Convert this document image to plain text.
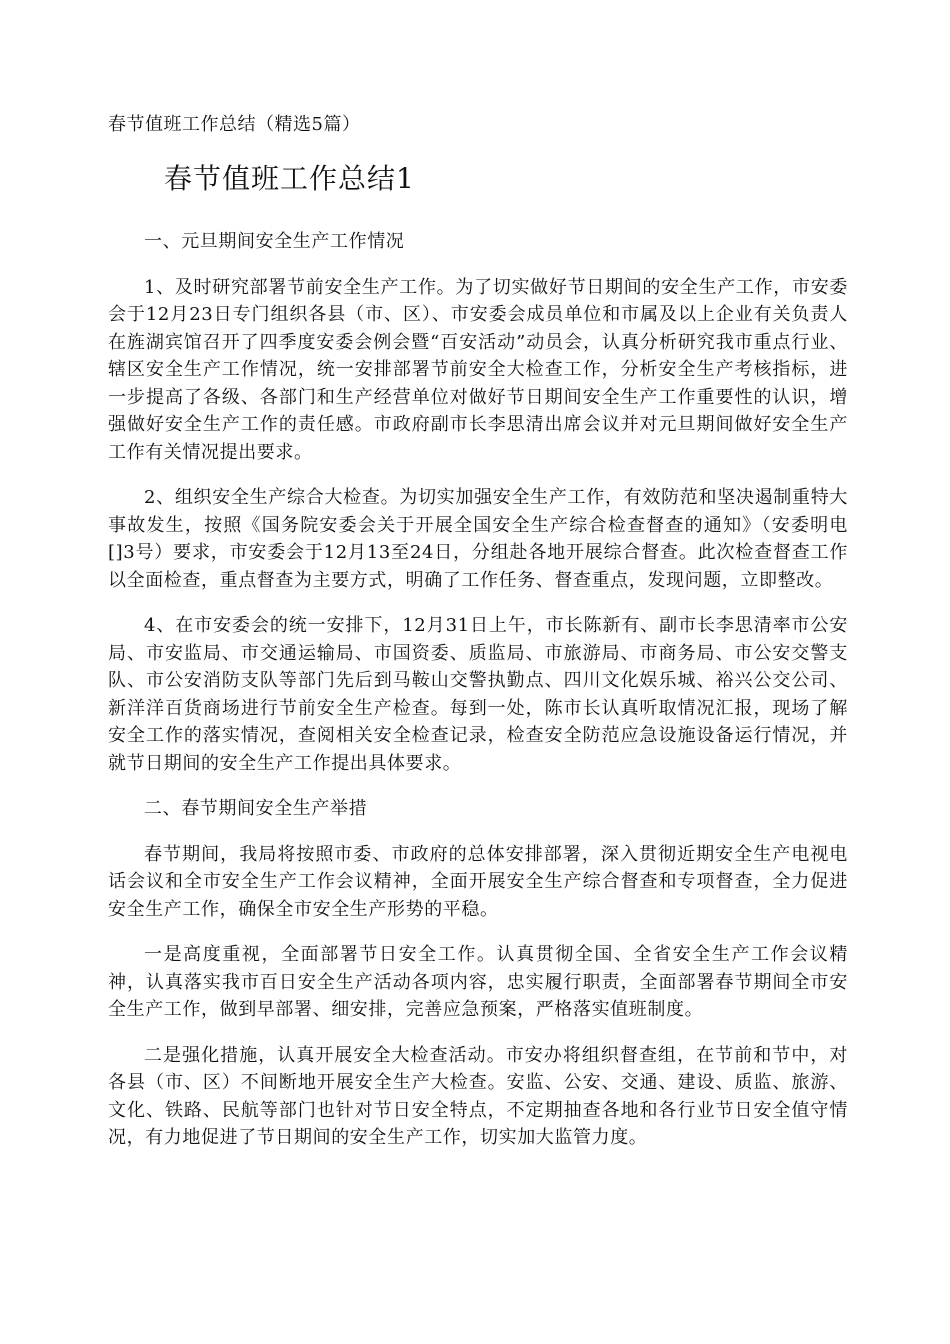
春节值班工作总结（精选5篇）
春节值班工作总结1
一、元旦期间安全生产工作情况

1、及时研究部署节前安全生产工作。为了切实做好节日期间的安全生产工作，市安委会于12月23日专门组织各县（市、区）、市安委会成员单位和市属及以上企业有关负责人在旌湖宾馆召开了四季度安委会例会暨“百安活动”动员会，认真分析研究我市重点行业、辖区安全生产工作情况，统一安排部署节前安全大检查工作，分析安全生产考核指标，进一步提高了各级、各部门和生产经营单位对做好节日期间安全生产工作重要性的认识，增强做好安全生产工作的责任感。市政府副市长李思清出席会议并对元旦期间做好安全生产工作有关情况提出要求。

2、组织安全生产综合大检查。为切实加强安全生产工作，有效防范和坚决遏制重特大事故发生，按照《国务院安委会关于开展全国安全生产综合检查督查的通知》（安委明电[]3号）要求，市安委会于12月13至24日，分组赴各地开展综合督查。此次检查督查工作以全面检查，重点督查为主要方式，明确了工作任务、督查重点，发现问题，立即整改。

4、在市安委会的统一安排下，12月31日上午，市长陈新有、副市长李思清率市公安局、市安监局、市交通运输局、市国资委、质监局、市旅游局、市商务局、市公安交警支队、市公安消防支队等部门先后到马鞍山交警执勤点、四川文化娱乐城、裕兴公交公司、新洋洋百货商场进行节前安全生产检查。每到一处，陈市长认真听取情况汇报，现场了解安全工作的落实情况，查阅相关安全检查记录，检查安全防范应急设施设备运行情况，并就节日期间的安全生产工作提出具体要求。

二、春节期间安全生产举措

春节期间，我局将按照市委、市政府的总体安排部署，深入贯彻近期安全生产电视电话会议和全市安全生产工作会议精神，全面开展安全生产综合督查和专项督查，全力促进安全生产工作，确保全市安全生产形势的平稳。

一是高度重视，全面部署节日安全工作。认真贯彻全国、全省安全生产工作会议精神，认真落实我市百日安全生产活动各项内容，忠实履行职责，全面部署春节期间全市安全生产工作，做到早部署、细安排，完善应急预案，严格落实值班制度。

二是强化措施，认真开展安全大检查活动。市安办将组织督查组，在节前和节中，对各县（市、区）不间断地开展安全生产大检查。安监、公安、交通、建设、质监、旅游、文化、铁路、民航等部门也针对节日安全特点，不定期抽查各地和各行业节日安全值守情况，有力地促进了节日期间的安全生产工作，切实加大监管力度。
